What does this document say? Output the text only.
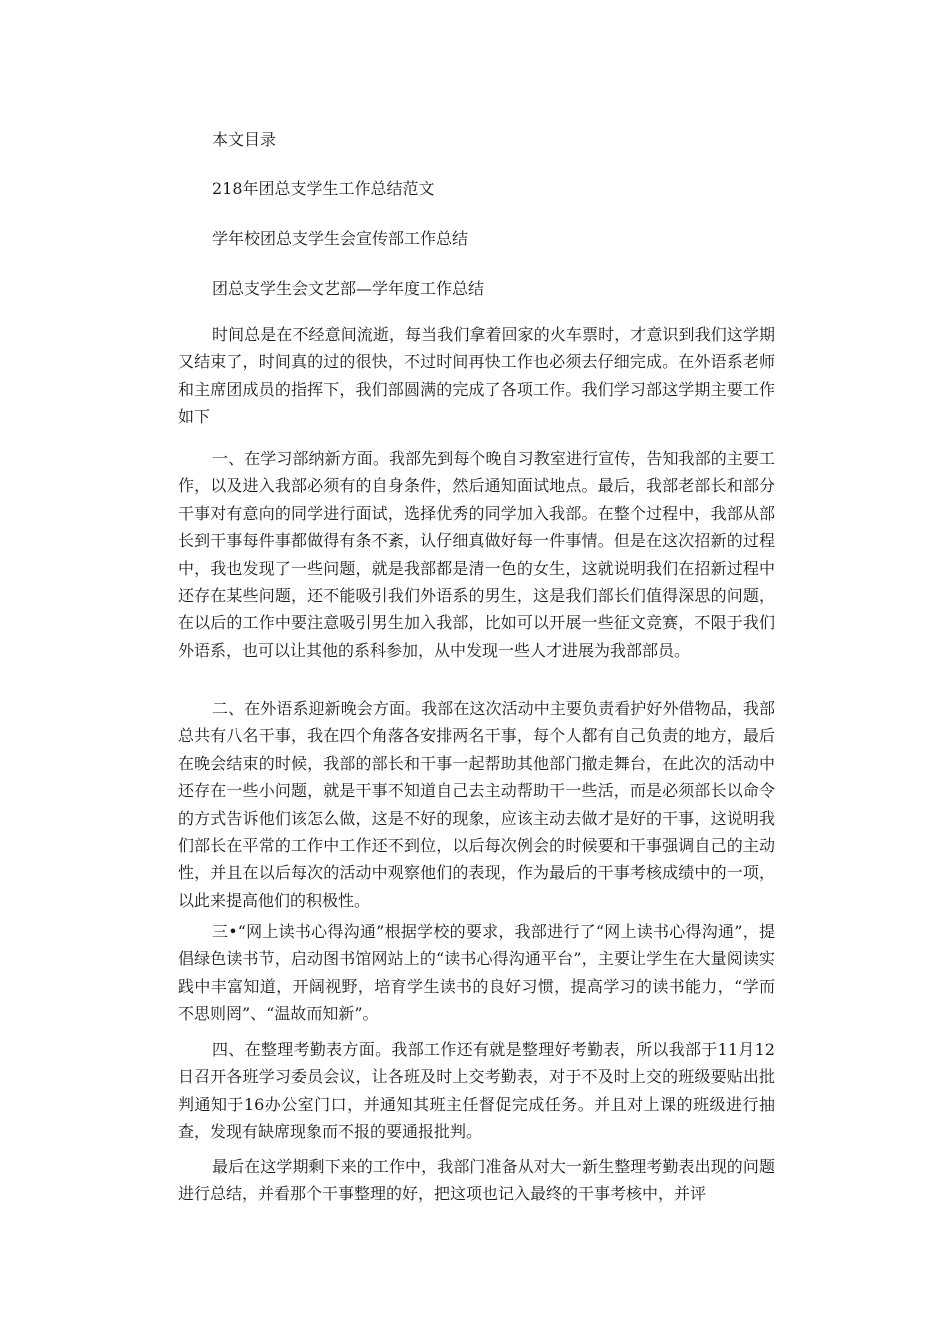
本文目录
218年团总支学生工作总结范文
学年校团总支学生会宣传部工作总结
团总支学生会文艺部—学年度工作总结

时间总是在不经意间流逝，每当我们拿着回家的火车票时，才意识到我们这学期又结束了，时间真的过的很快，不过时间再快工作也必须去仔细完成。在外语系老师和主席团成员的指挥下，我们部圆满的完成了各项工作。我们学习部这学期主要工作如下

一、在学习部纳新方面。我部先到每个晚自习教室进行宣传，告知我部的主要工作，以及进入我部必须有的自身条件，然后通知面试地点。最后，我部老部长和部分干事对有意向的同学进行面试，选择优秀的同学加入我部。在整个过程中，我部从部长到干事每件事都做得有条不紊，认仔细真做好每一件事情。但是在这次招新的过程中，我也发现了一些问题，就是我部都是清一色的女生，这就说明我们在招新过程中还存在某些问题，还不能吸引我们外语系的男生，这是我们部长们值得深思的问题，在以后的工作中要注意吸引男生加入我部，比如可以开展一些征文竞赛，不限于我们外语系，也可以让其他的系科参加，从中发现一些人才进展为我部部员。

二、在外语系迎新晚会方面。我部在这次活动中主要负责看护好外借物品，我部总共有八名干事，我在四个角落各安排两名干事，每个人都有自己负责的地方，最后在晚会结束的时候，我部的部长和干事一起帮助其他部门撤走舞台，在此次的活动中还存在一些小问题，就是干事不知道自己去主动帮助干一些活，而是必须部长以命令的方式告诉他们该怎么做，这是不好的现象，应该主动去做才是好的干事，这说明我们部长在平常的工作中工作还不到位，以后每次例会的时候要和干事强调自己的主动性，并且在以后每次的活动中观察他们的表现，作为最后的干事考核成绩中的一项，以此来提高他们的积极性。

三•“网上读书心得沟通”根据学校的要求，我部进行了“网上读书心得沟通”，提倡绿色读书节，启动图书馆网站上的“读书心得沟通平台”，主要让学生在大量阅读实践中丰富知道，开阔视野，培育学生读书的良好习惯，提高学习的读书能力，“学而不思则罔”、“温故而知新”。

四、在整理考勤表方面。我部工作还有就是整理好考勤表，所以我部于11月12日召开各班学习委员会议，让各班及时上交考勤表，对于不及时上交的班级要贴出批判通知于16办公室门口，并通知其班主任督促完成任务。并且对上课的班级进行抽查，发现有缺席现象而不报的要通报批判。

最后在这学期剩下来的工作中，我部门准备从对大一新生整理考勤表出现的问题进行总结，并看那个干事整理的好，把这项也记入最终的干事考核中，并评
